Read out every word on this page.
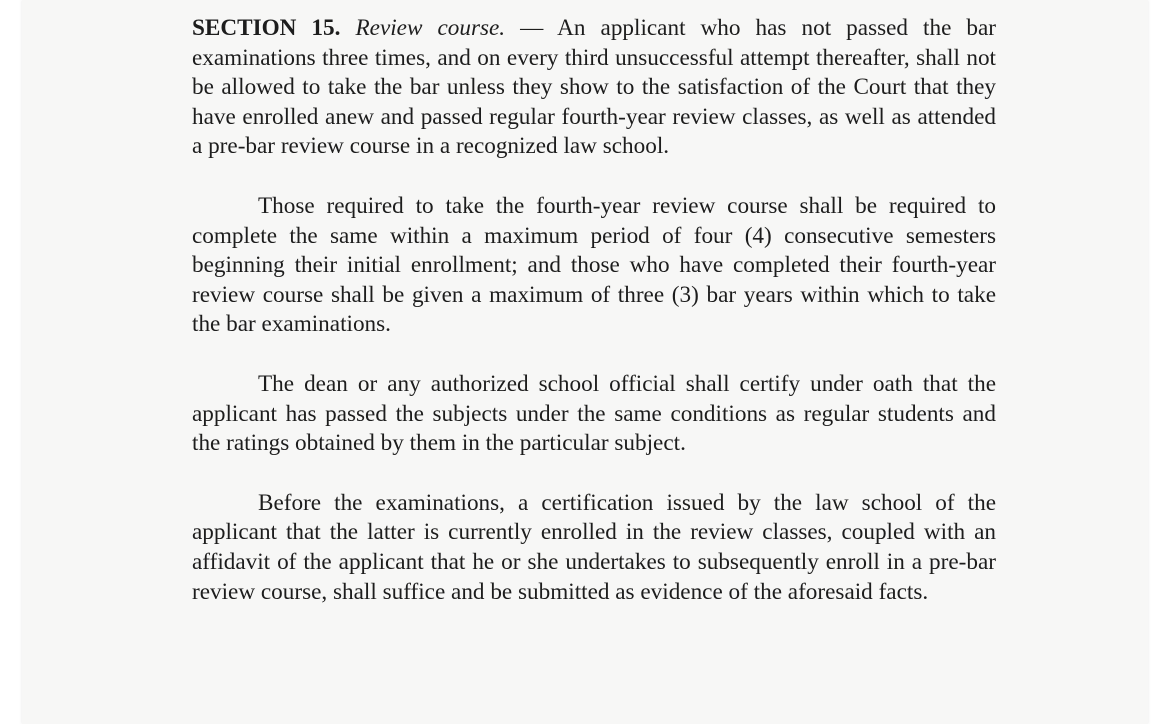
SECTION 15. Review course. — An applicant who has not passed the bar examinations three times, and on every third unsuccessful attempt thereafter, shall not be allowed to take the bar unless they show to the satisfaction of the Court that they have enrolled anew and passed regular fourth-year review classes, as well as attended a pre-bar review course in a recognized law school.

Those required to take the fourth-year review course shall be required to complete the same within a maximum period of four (4) consecutive semesters beginning their initial enrollment; and those who have completed their fourth-year review course shall be given a maximum of three (3) bar years within which to take the bar examinations.

The dean or any authorized school official shall certify under oath that the applicant has passed the subjects under the same conditions as regular students and the ratings obtained by them in the particular subject.

Before the examinations, a certification issued by the law school of the applicant that the latter is currently enrolled in the review classes, coupled with an affidavit of the applicant that he or she undertakes to subsequently enroll in a pre-bar review course, shall suffice and be submitted as evidence of the aforesaid facts.
